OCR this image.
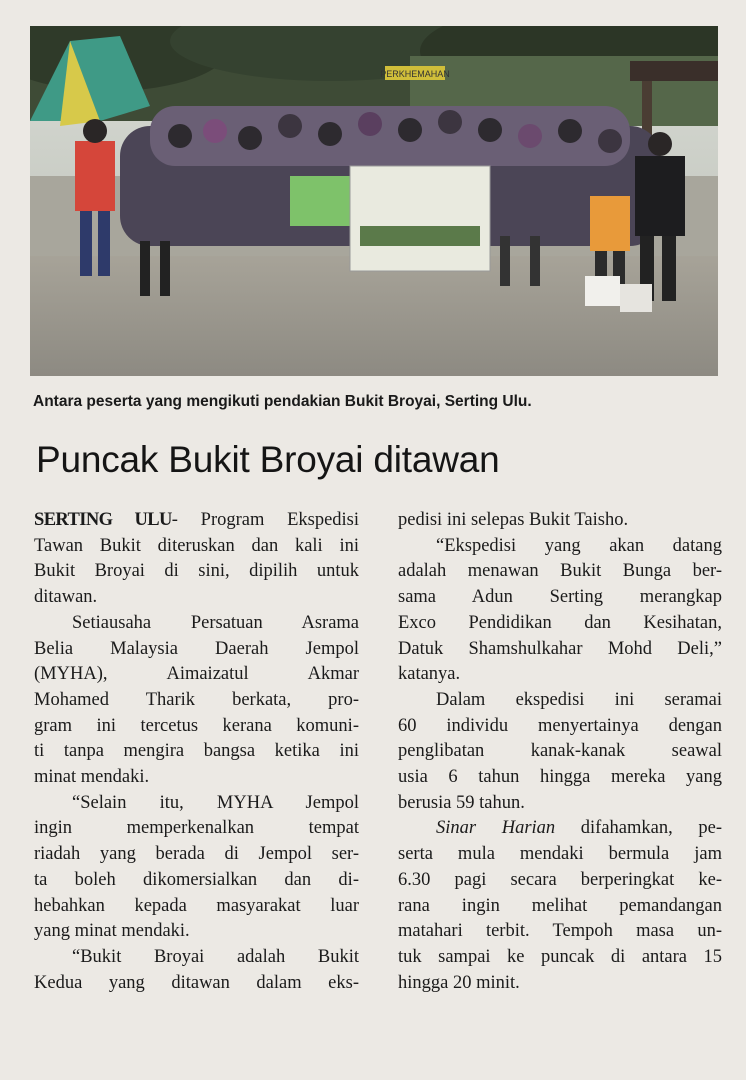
PERKHEMAHAN
Antara peserta yang mengikuti pendakian Bukit Broyai, Serting Ulu.
Puncak Bukit Broyai ditawan

SERTING ULU- Program Ekspedisi
Tawan Bukit diteruskan dan kali ini
Bukit Broyai di sini, dipilih untuk
ditawan.

Setiausaha Persatuan Asrama
Belia Malaysia Daerah Jempol
(MYHA), Aimaizatul Akmar
Mohamed Tharik berkata, pro-
gram ini tercetus kerana komuni-
ti tanpa mengira bangsa ketika ini
minat mendaki.

“Selain itu, MYHA Jempol
ingin memperkenalkan tempat
riadah yang berada di Jempol ser-
ta boleh dikomersialkan dan di-
hebahkan kepada masyarakat luar
yang minat mendaki.

“Bukit Broyai adalah Bukit
Kedua yang ditawan dalam eks-

pedisi ini selepas Bukit Taisho.

“Ekspedisi yang akan datang
adalah menawan Bukit Bunga ber-
sama Adun Serting merangkap
Exco Pendidikan dan Kesihatan,
Datuk Shamshulkahar Mohd Deli,”
katanya.

Dalam ekspedisi ini seramai
60 individu menyertainya dengan
penglibatan kanak-kanak seawal
usia 6 tahun hingga mereka yang
berusia 59 tahun.

Sinar Harian difahamkan, pe-
serta mula mendaki bermula jam
6.30 pagi secara berperingkat ke-
rana ingin melihat pemandangan
matahari terbit. Tempoh masa un-
tuk sampai ke puncak di antara 15
hingga 20 minit.
